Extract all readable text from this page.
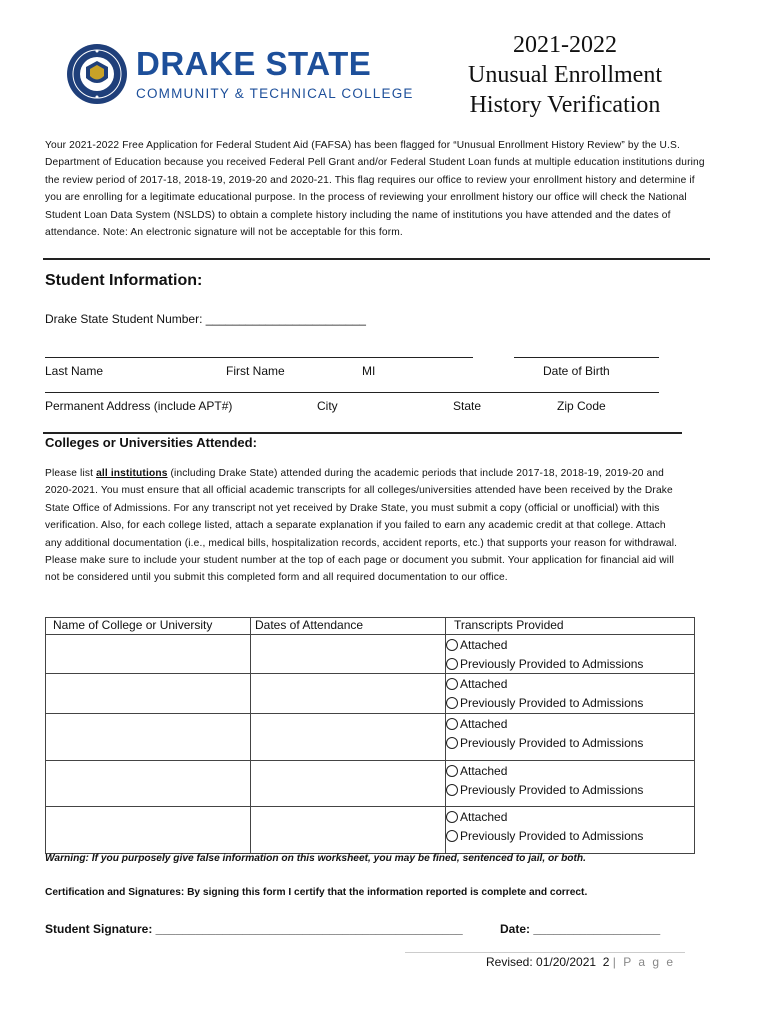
DRAKE STATE
COMMUNITY & TECHNICAL COLLEGE
2021-2022
Unusual Enrollment
History Verification
Your 2021-2022 Free Application for Federal Student Aid (FAFSA) has been flagged for “Unusual Enrollment History Review” by the U.S. Department of Education because you received Federal Pell Grant and/or Federal Student Loan funds at multiple education institutions during the review period of 2017-18, 2018-19, 2019-20 and 2020-21. This flag requires our office to review your enrollment history and determine if you are enrolling for a legitimate educational purpose. In the process of reviewing your enrollment history our office will check the National Student Loan Data System (NSLDS) to obtain a complete history including the name of institutions you have attended and the dates of attendance. Note: An electronic signature will not be acceptable for this form.
Student Information:
Drake State Student Number: ________________________
Last Name	First Name	MI	Date of Birth
Permanent Address (include APT#)	City	State	Zip Code
Colleges or Universities Attended:
Please list all institutions (including Drake State) attended during the academic periods that include 2017-18, 2018-19, 2019-20 and 2020-2021. You must ensure that all official academic transcripts for all colleges/universities attended have been received by the Drake State Office of Admissions. For any transcript not yet received by Drake State, you must submit a copy (official or unofficial) with this verification. Also, for each college listed, attach a separate explanation if you failed to earn any academic credit at that college. Attach any additional documentation (i.e., medical bills, hospitalization records, accident reports, etc.) that supports your reason for withdrawal. Please make sure to include your student number at the top of each page or document you submit. Your application for financial aid will not be considered until you submit this completed form and all required documentation to our office.
Name of College or University	Dates of Attendance	Transcripts Provided

		Attached
Previously Provided to Admissions

		Attached
Previously Provided to Admissions

		Attached
Previously Provided to Admissions

		Attached
Previously Provided to Admissions

		Attached
Previously Provided to Admissions
Warning: If you purposely give false information on this worksheet, you may be fined, sentenced to jail, or both.
Certification and Signatures: By signing this form I certify that the information reported is complete and correct.
Student Signature: ______________________________________________	Date: ___________________
Revised: 01/20/2021 2 | P a g e
